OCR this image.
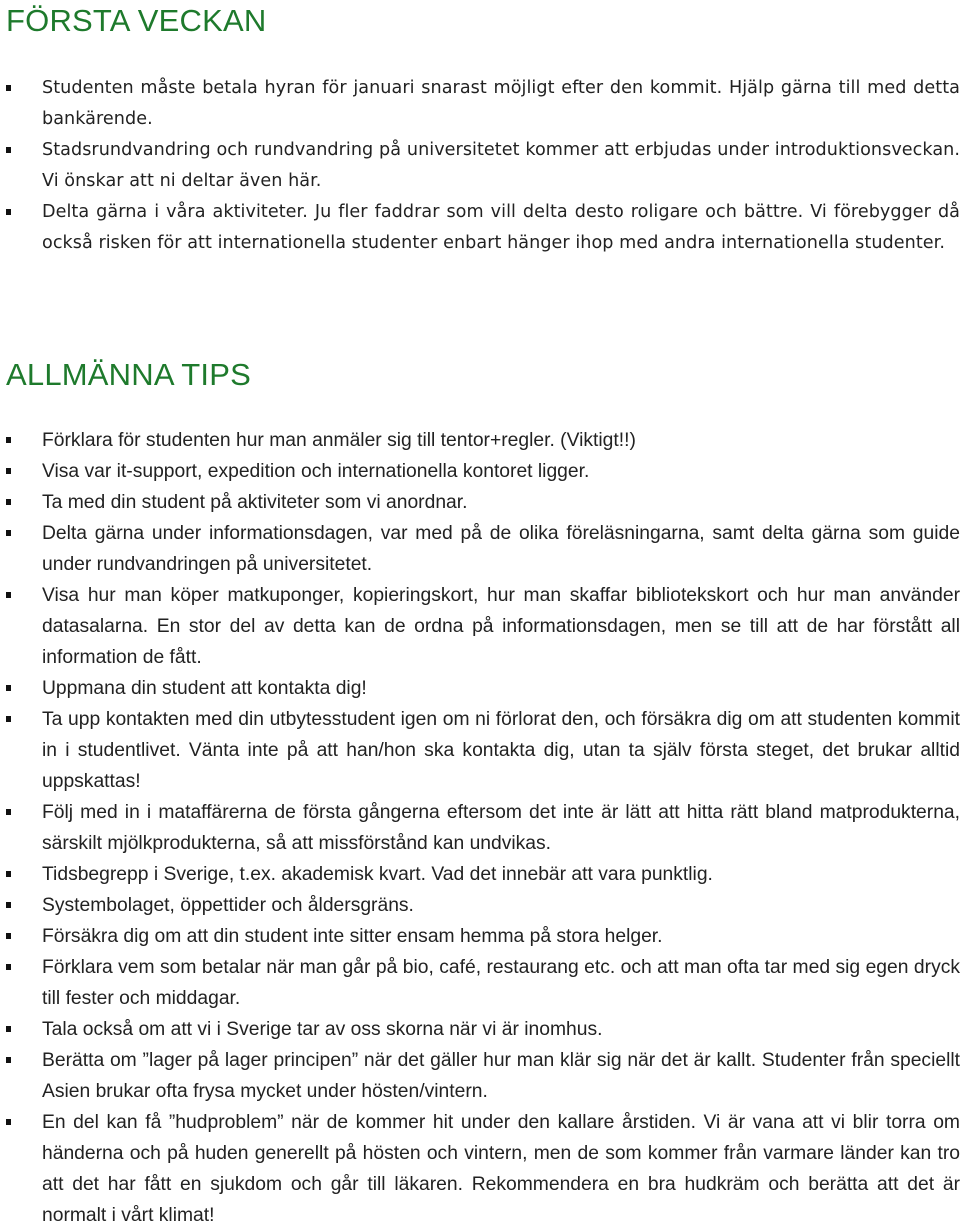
FÖRSTA VECKAN
Studenten måste betala hyran för januari snarast möjligt efter den kommit. Hjälp gärna till med detta bankärende.
Stadsrundvandring och rundvandring på universitetet kommer att erbjudas under introduktionsveckan. Vi önskar att ni deltar även här.
Delta gärna i våra aktiviteter. Ju fler faddrar som vill delta desto roligare och bättre. Vi förebygger då också risken för att internationella studenter enbart hänger ihop med andra internationella studenter.
ALLMÄNNA TIPS
Förklara för studenten hur man anmäler sig till tentor+regler. (Viktigt!!)
Visa var it-support, expedition och internationella kontoret ligger.
Ta med din student på aktiviteter som vi anordnar.
Delta gärna under informationsdagen, var med på de olika föreläsningarna, samt delta gärna som guide under rundvandringen på universitetet.
Visa hur man köper matkuponger, kopieringskort, hur man skaffar bibliotekskort och hur man använder datasalarna. En stor del av detta kan de ordna på informationsdagen, men se till att de har förstått all information de fått.
Uppmana din student att kontakta dig!
Ta upp kontakten med din utbytesstudent igen om ni förlorat den, och försäkra dig om att studenten kommit in i studentlivet. Vänta inte på att han/hon ska kontakta dig, utan ta själv första steget, det brukar alltid uppskattas!
Följ med in i mataffärerna de första gångerna eftersom det inte är lätt att hitta rätt bland matprodukterna, särskilt mjölkprodukterna, så att missförstånd kan undvikas.
Tidsbegrepp i Sverige, t.ex. akademisk kvart. Vad det innebär att vara punktlig.
Systembolaget, öppettider och åldersgräns.
Försäkra dig om att din student inte sitter ensam hemma på stora helger.
Förklara vem som betalar när man går på bio, café, restaurang etc. och att man ofta tar med sig egen dryck till fester och middagar.
Tala också om att vi i Sverige tar av oss skorna när vi är inomhus.
Berätta om ”lager på lager principen” när det gäller hur man klär sig när det är kallt. Studenter från speciellt Asien brukar ofta frysa mycket under hösten/vintern.
En del kan få ”hudproblem” när de kommer hit under den kallare årstiden. Vi är vana att vi blir torra om händerna och på huden generellt på hösten och vintern, men de som kommer från varmare länder kan tro att det har fått en sjukdom och går till läkaren. Rekommendera en bra hudkräm och berätta att det är normalt i vårt klimat!
